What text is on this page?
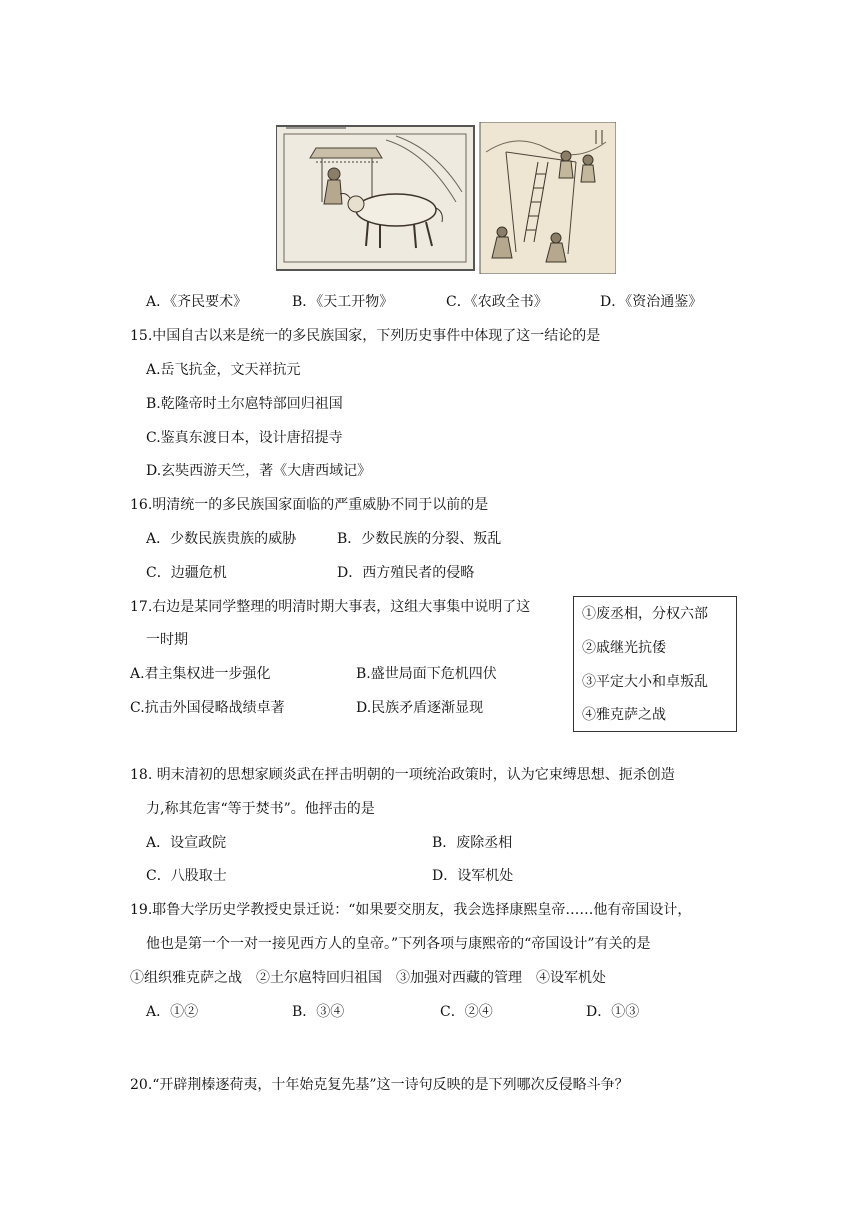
A．《齐民要术》	B．《天工开物》	C．《农政全书》	D．《资治通鉴》
15.中国自古以来是统一的多民族国家，下列历史事件中体现了这一结论的是
A.岳飞抗金，文天祥抗元
B.乾隆帝时土尔扈特部回归祖国
C.鉴真东渡日本，设计唐招提寺
D.玄奘西游天竺，著《大唐西域记》
16.明清统一的多民族国家面临的严重威胁不同于以前的是
A．少数民族贵族的威胁	B．少数民族的分裂、叛乱
C．边疆危机	D．西方殖民者的侵略
17.右边是某同学整理的明清时期大事表，这组大事集中说明了这
一时期
A.君主集权进一步强化	B.盛世局面下危机四伏
C.抗击外国侵略战绩卓著	D.民族矛盾逐渐显现
①废丞相，分权六部
②戚继光抗倭
③平定大小和卓叛乱
④雅克萨之战
18. 明末清初的思想家顾炎武在抨击明朝的一项统治政策时，认为它束缚思想、扼杀创造
力,称其危害“等于焚书”。他抨击的是
A．设宣政院	B．废除丞相
C．八股取士	D．设军机处
19.耶鲁大学历史学教授史景迁说：“如果要交朋友，我会选择康熙皇帝……他有帝国设计，
他也是第一个一对一接见西方人的皇帝。”下列各项与康熙帝的“帝国设计”有关的是
①组织雅克萨之战　②土尔扈特回归祖国　③加强对西藏的管理　④设军机处
A．①②	B．③④	C．②④	D．①③
20.“开辟荆榛逐荷夷，十年始克复先基”这一诗句反映的是下列哪次反侵略斗争？
